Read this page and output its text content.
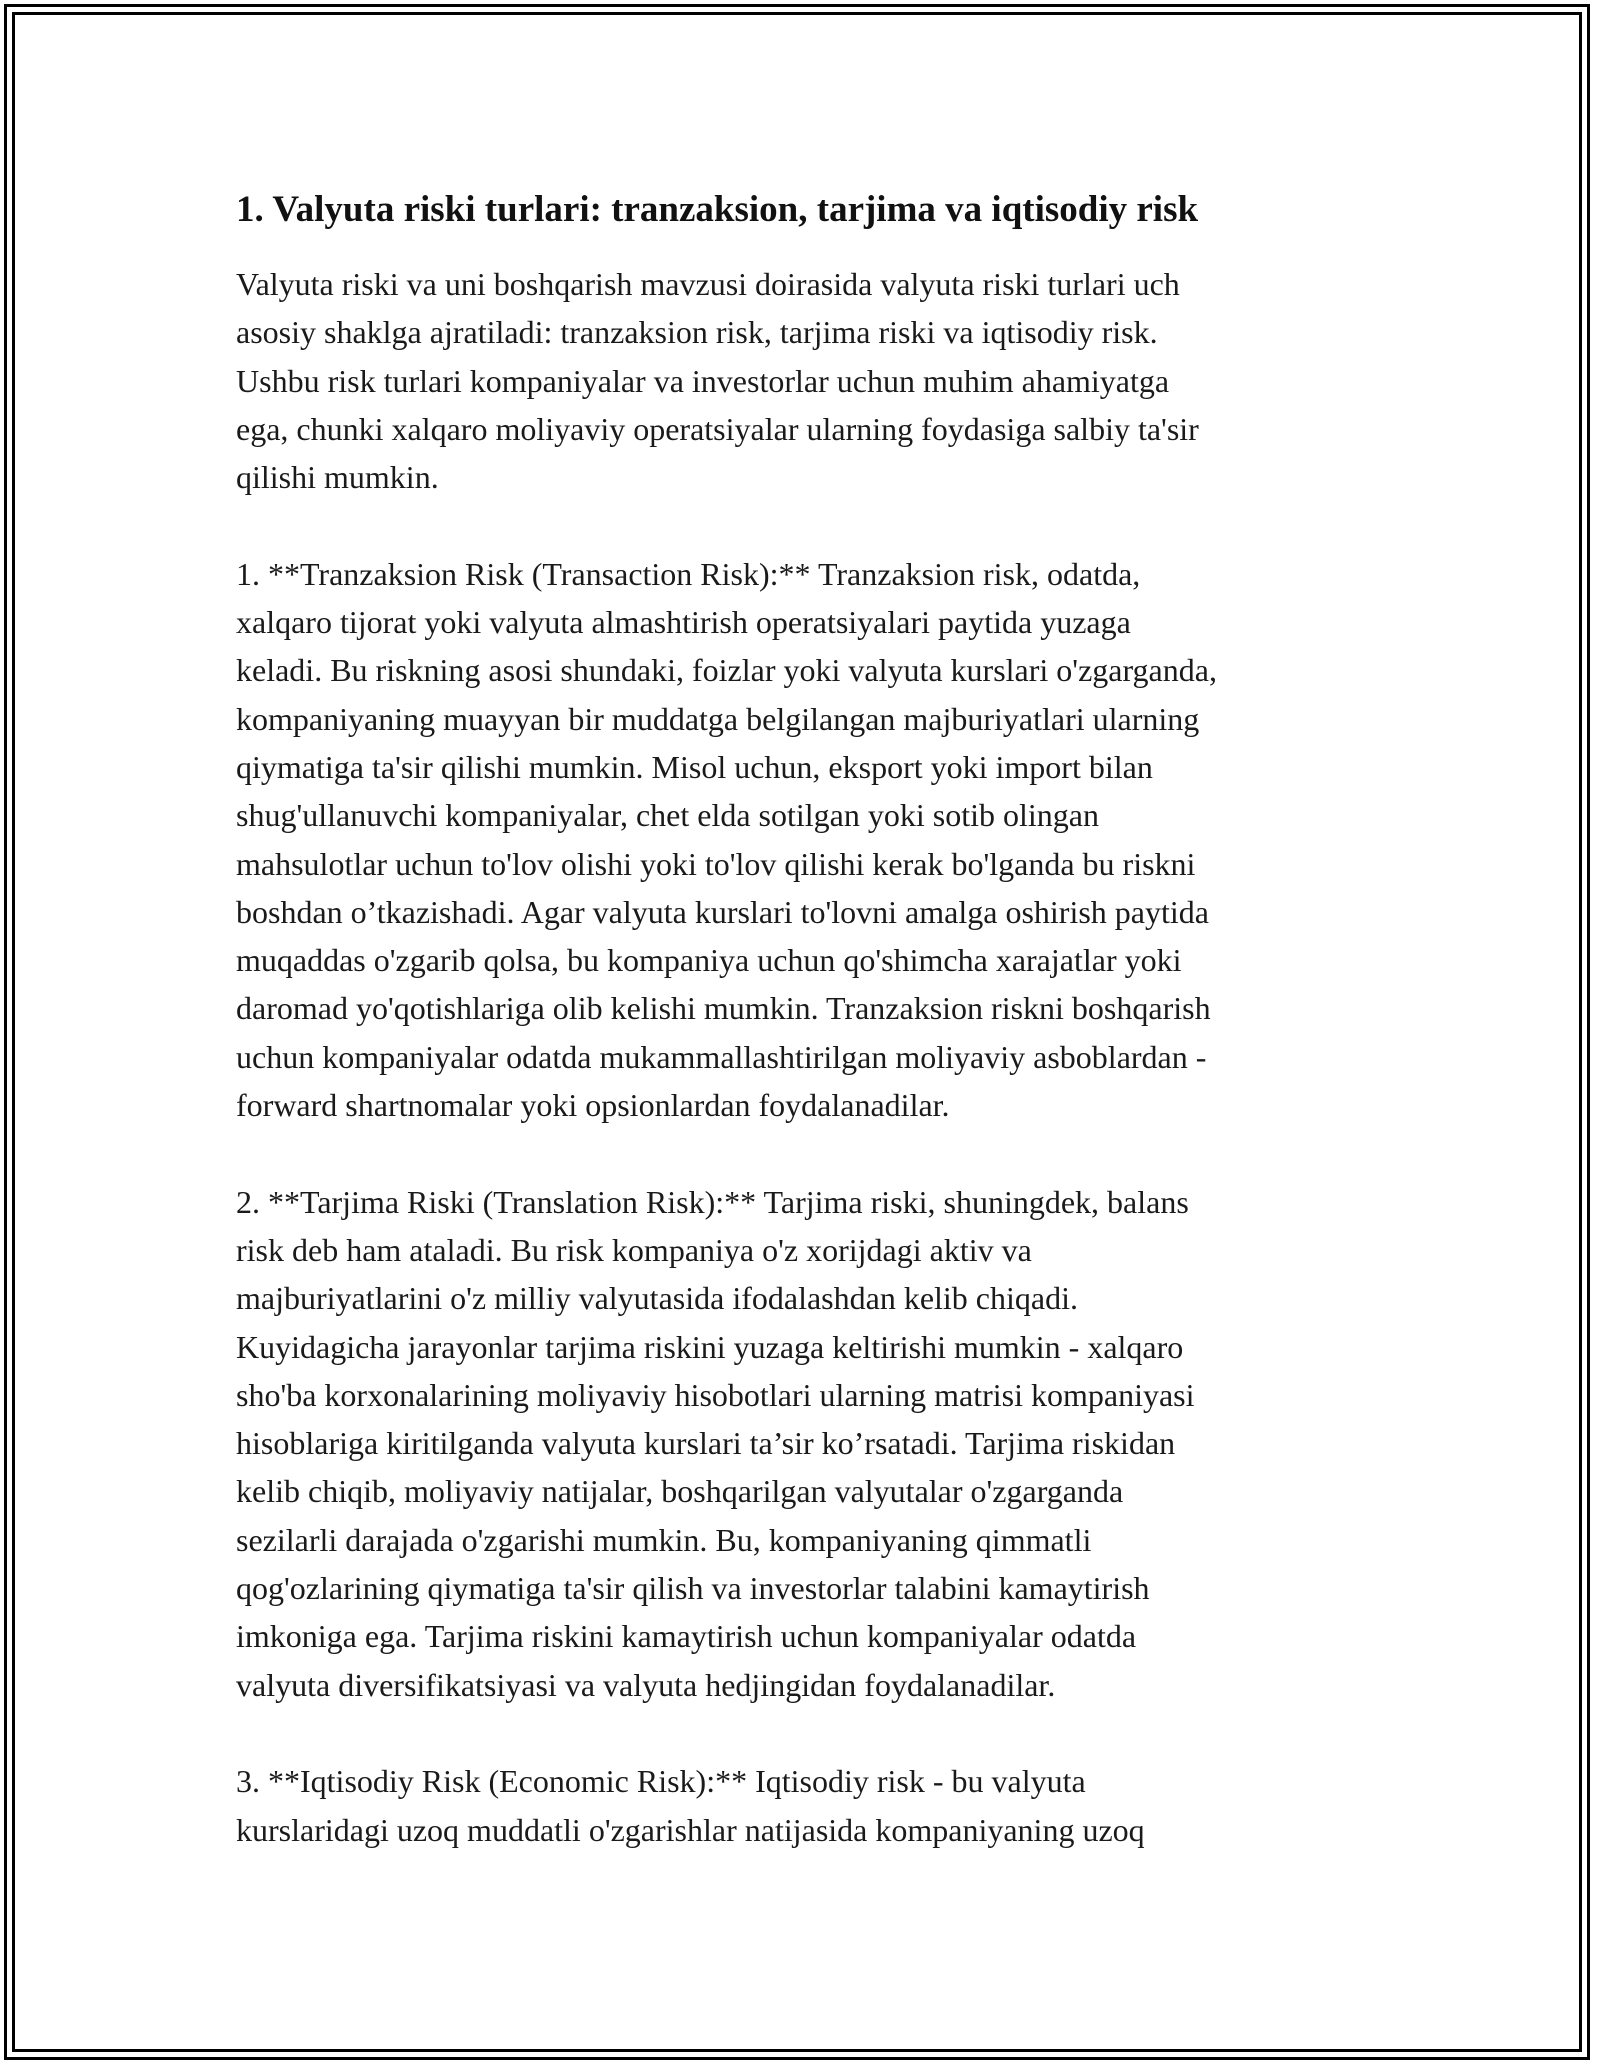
1. Valyuta riski turlari: tranzaksion, tarjima va iqtisodiy risk

Valyuta riski va uni boshqarish mavzusi doirasida valyuta riski turlari uch
asosiy shaklga ajratiladi: tranzaksion risk, tarjima riski va iqtisodiy risk.
Ushbu risk turlari kompaniyalar va investorlar uchun muhim ahamiyatga
ega, chunki xalqaro moliyaviy operatsiyalar ularning foydasiga salbiy ta'sir
qilishi mumkin.

1. **Tranzaksion Risk (Transaction Risk):** Tranzaksion risk, odatda,
xalqaro tijorat yoki valyuta almashtirish operatsiyalari paytida yuzaga
keladi. Bu riskning asosi shundaki, foizlar yoki valyuta kurslari o'zgarganda,
kompaniyaning muayyan bir muddatga belgilangan majburiyatlari ularning
qiymatiga ta'sir qilishi mumkin. Misol uchun, eksport yoki import bilan
shug'ullanuvchi kompaniyalar, chet elda sotilgan yoki sotib olingan
mahsulotlar uchun to'lov olishi yoki to'lov qilishi kerak bo'lganda bu riskni
boshdan o’tkazishadi. Agar valyuta kurslari to'lovni amalga oshirish paytida
muqaddas o'zgarib qolsa, bu kompaniya uchun qo'shimcha xarajatlar yoki
daromad yo'qotishlariga olib kelishi mumkin. Tranzaksion riskni boshqarish
uchun kompaniyalar odatda mukammallashtirilgan moliyaviy asboblardan -
forward shartnomalar yoki opsionlardan foydalanadilar.

2. **Tarjima Riski (Translation Risk):** Tarjima riski, shuningdek, balans
risk deb ham ataladi. Bu risk kompaniya o'z xorijdagi aktiv va
majburiyatlarini o'z milliy valyutasida ifodalashdan kelib chiqadi.
Kuyidagicha jarayonlar tarjima riskini yuzaga keltirishi mumkin - xalqaro
sho'ba korxonalarining moliyaviy hisobotlari ularning matrisi kompaniyasi
hisoblariga kiritilganda valyuta kurslari ta’sir ko’rsatadi. Tarjima riskidan
kelib chiqib, moliyaviy natijalar, boshqarilgan valyutalar o'zgarganda
sezilarli darajada o'zgarishi mumkin. Bu, kompaniyaning qimmatli
qog'ozlarining qiymatiga ta'sir qilish va investorlar talabini kamaytirish
imkoniga ega. Tarjima riskini kamaytirish uchun kompaniyalar odatda
valyuta diversifikatsiyasi va valyuta hedjingidan foydalanadilar.

3. **Iqtisodiy Risk (Economic Risk):** Iqtisodiy risk - bu valyuta
kurslaridagi uzoq muddatli o'zgarishlar natijasida kompaniyaning uzoq
